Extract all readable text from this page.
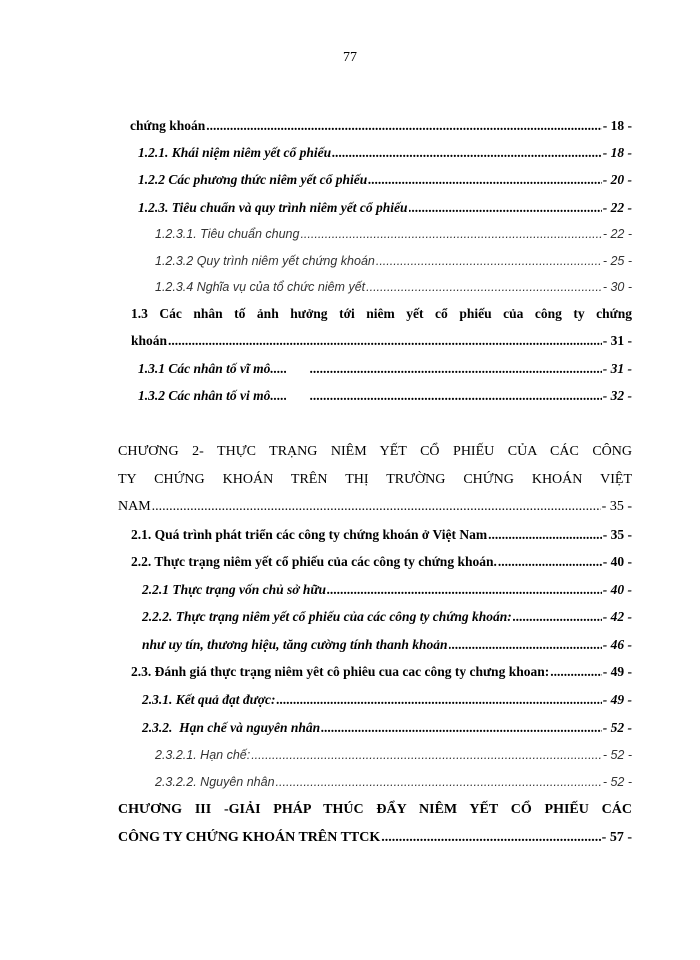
77
chứng khoán .....	- 18 -
1.2.1. Khái niệm niêm yết cổ phiếu .....	- 18 -
1.2.2 Các phương thức niêm yết cổ phiếu .....	- 20 -
1.2.3. Tiêu chuẩn và quy trình niêm yết cổ phiếu .....	- 22 -
1.2.3.1. Tiêu chuẩn chung .....	- 22 -
1.2.3.2 Quy trình niêm yết chứng khoán .....	- 25 -
1.2.3.4 Nghĩa vụ của tổ chức niêm yết .....	- 30 -
1.3 Các nhân tố ảnh hưởng tới niêm yết cổ phiếu của công ty chứng
khoán .....	- 31 -
1.3.1 Các nhân tố vĩ mô ..... .....	- 31 -
1.3.2 Các nhân tố vi mô ..... .....	- 32 -
CHƯƠNG 2- THỰC TRẠNG NIÊM YẾT CỔ PHIẾU CỦA CÁC CÔNG
TY CHỨNG KHOÁN TRÊN THỊ TRƯỜNG CHỨNG KHOÁN VIỆT
NAM .....	- 35 -
2.1. Quá trình phát triển các công ty chứng khoán ở Việt Nam .....	- 35 -
2.2. Thực trạng niêm yết cổ phiếu của các công ty chứng khoán. .....	- 40 -
2.2.1 Thực trạng vốn chủ sở hữu .....	- 40 -
2.2.2. Thực trạng niêm yết cổ phiếu của các công ty chứng khoán: .....	- 42 -
như uy tín, thương hiệu, tăng cường tính thanh khoản .....	- 46 -
2.3. Đánh giá thực trạng niêm yêt cô phiêu cua cac công ty chưng khoan: .....	- 49 -
2.3.1. Kết quả đạt được: .....	- 49 -
2.3.2.  Hạn chế và nguyên nhân .....	- 52 -
2.3.2.1. Hạn chế: .....	- 52 -
2.3.2.2. Nguyên nhân .....	- 52 -
CHƯƠNG III -GIẢI PHÁP THÚC ĐẨY NIÊM YẾT CỔ PHIẾU CÁC
CÔNG TY CHỨNG KHOÁN TRÊN TTCK .....	- 57 -
